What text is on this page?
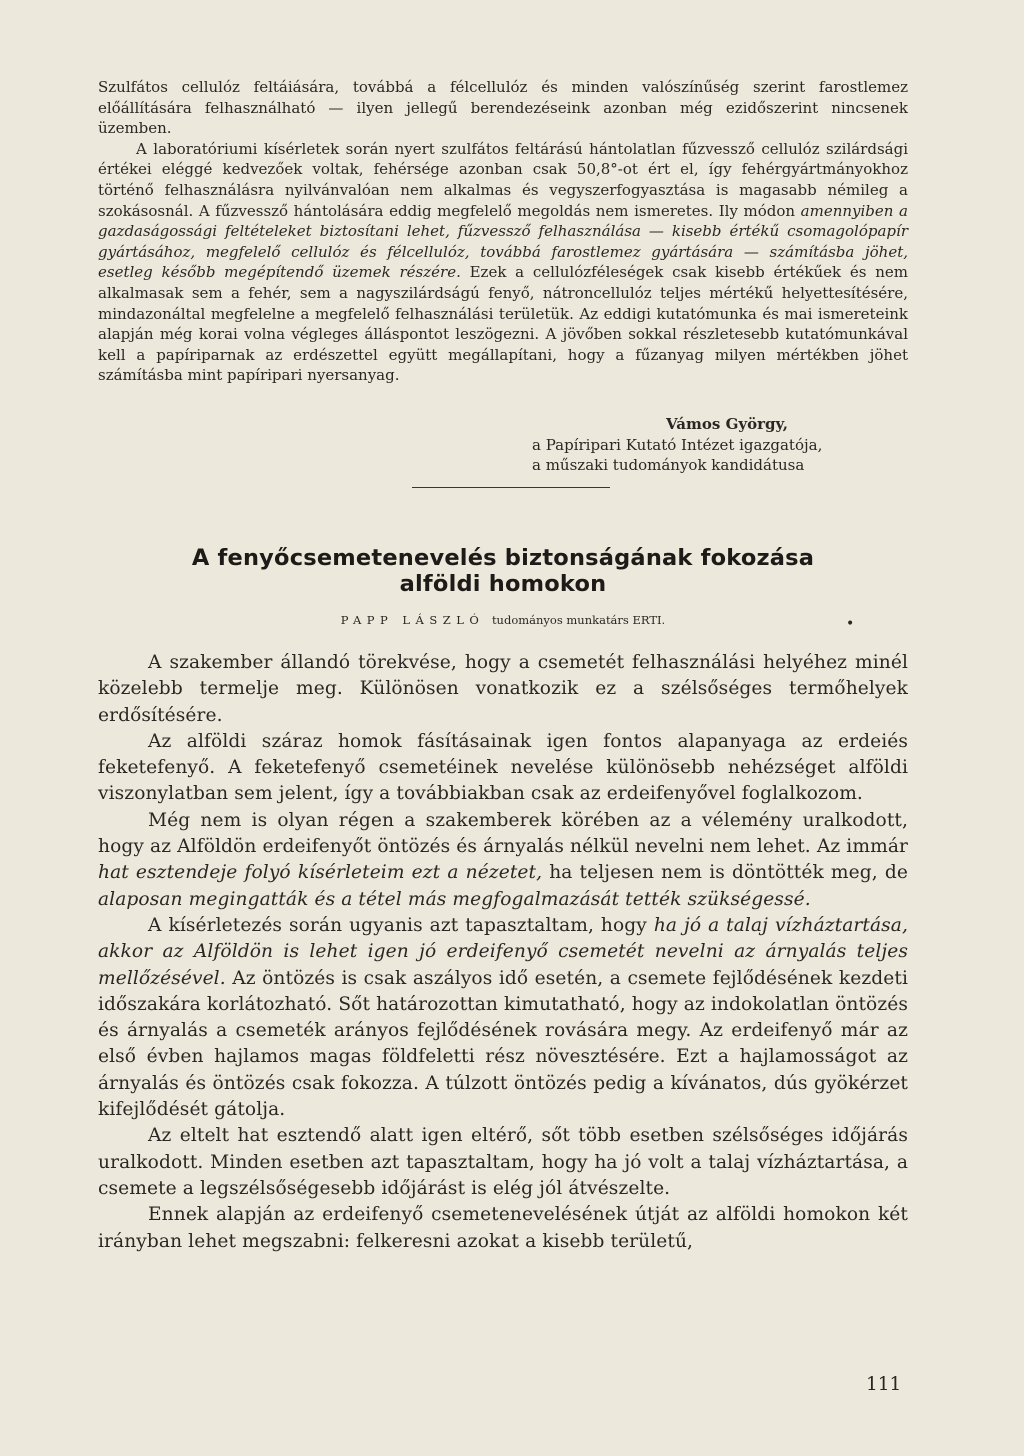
Szulfátos cellulóz feltáiására, továbbá a félcellulóz és minden valószínűség szerint farostlemez előállítására felhasználható — ilyen jellegű berendezéseink azonban még ezidőszerint nincsenek üzemben.

A laboratóriumi kísérletek során nyert szulfátos feltárású hántolatlan fűzvessző cellulóz szilárdsági értékei eléggé kedvezőek voltak, fehérsége azonban csak 50,8°-ot ért el, így fehérgyártmányokhoz történő felhasználásra nyilvánvalóan nem alkalmas és vegyszerfogyasztása is magasabb némileg a szokásosnál. A fűzvessző hántolására eddig megfelelő megoldás nem ismeretes. Ily módon amennyiben a gazdaságossági feltételeket biztosítani lehet, fűzvessző felhasználása — kisebb értékű csomagolópapír gyártásához, megfelelő cellulóz és félcellulóz, továbbá farostlemez gyártására — számításba jöhet, esetleg később megépítendő üzemek részére. Ezek a cellulózféleségek csak kisebb értékűek és nem alkalmasak sem a fehér, sem a nagyszilárdságú fenyő, nátroncellulóz teljes mértékű helyettesítésére, mindazonáltal megfelelne a megfelelő felhasználási területük. Az eddigi kutatómunka és mai ismereteink alapján még korai volna végleges álláspontot leszögezni. A jövőben sokkal részletesebb kutatómunkával kell a papíriparnak az erdészettel együtt megállapítani, hogy a fűzanyag milyen mértékben jöhet számításba mint papíripari nyersanyag.

Vámos György,
a Papíripari Kutató Intézet igazgatója,
a műszaki tudományok kandidátusa
A fenyőcsemetenevelés biztonságának fokozása
alföldi homokon
PAPP LÁSZLÓ tudományos munkatárs ERTI.	•

A szakember állandó törekvése, hogy a csemetét felhasználási helyéhez minél közelebb termelje meg. Különösen vonatkozik ez a szélsőséges termőhelyek erdősítésére.

Az alföldi száraz homok fásításainak igen fontos alapanyaga az erdeiés feketefenyő. A feketefenyő csemetéinek nevelése különösebb nehézséget alföldi viszonylatban sem jelent, így a továbbiakban csak az erdeifenyővel foglalkozom.

Még nem is olyan régen a szakemberek körében az a vélemény uralkodott, hogy az Alföldön erdeifenyőt öntözés és árnyalás nélkül nevelni nem lehet. Az immár hat esztendeje folyó kísérleteim ezt a nézetet, ha teljesen nem is döntötték meg, de alaposan megingatták és a tétel más megfogalmazását tették szükségessé.

A kísérletezés során ugyanis azt tapasztaltam, hogy ha jó a talaj vízháztartása, akkor az Alföldön is lehet igen jó erdeifenyő csemetét nevelni az árnyalás teljes mellőzésével. Az öntözés is csak aszályos idő esetén, a csemete fejlődésének kezdeti időszakára korlátozható. Sőt határozottan kimutatható, hogy az indokolatlan öntözés és árnyalás a csemeték arányos fejlődésének rovására megy. Az erdeifenyő már az első évben hajlamos magas földfeletti rész növesztésére. Ezt a hajlamosságot az árnyalás és öntözés csak fokozza. A túlzott öntözés pedig a kívánatos, dús gyökérzet kifejlődését gátolja.

Az eltelt hat esztendő alatt igen eltérő, sőt több esetben szélsőséges időjárás uralkodott. Minden esetben azt tapasztaltam, hogy ha jó volt a talaj vízháztartása, a csemete a legszélsőségesebb időjárást is elég jól átvészelte.

Ennek alapján az erdeifenyő csemetenevelésének útját az alföldi homokon két irányban lehet megszabni: felkeresni azokat a kisebb területű,

111
